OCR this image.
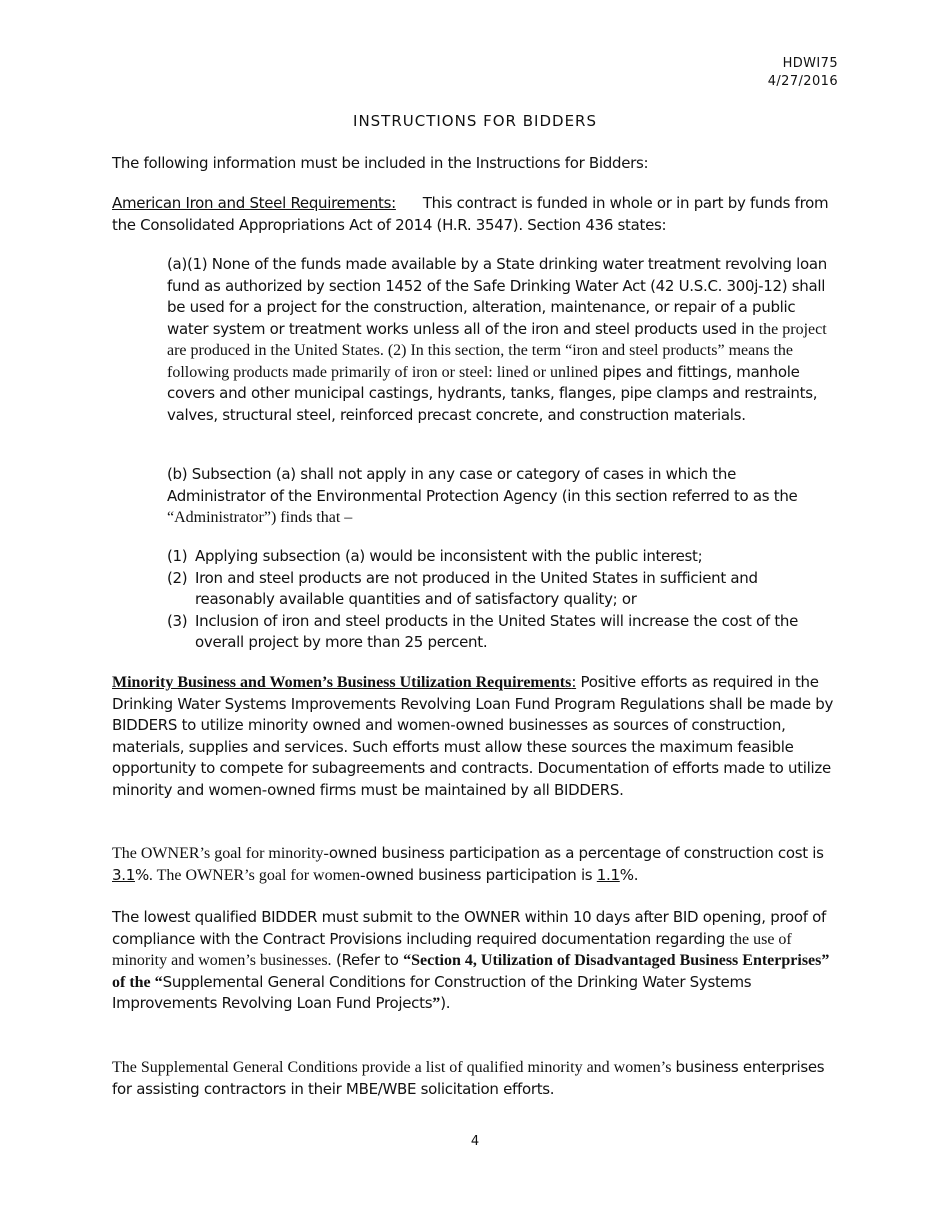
HDWI75
4/27/2016
INSTRUCTIONS FOR BIDDERS
The following information must be included in the Instructions for Bidders:
American Iron and Steel Requirements: This contract is funded in whole or in part by funds from the Consolidated Appropriations Act of 2014 (H.R. 3547). Section 436 states:
(a)(1) None of the funds made available by a State drinking water treatment revolving loan fund as authorized by section 1452 of the Safe Drinking Water Act (42 U.S.C. 300j-12) shall be used for a project for the construction, alteration, maintenance, or repair of a public water system or treatment works unless all of the iron and steel products used in the project are produced in the United States. (2) In this section, the term “iron and steel products” means the following products made primarily of iron or steel: lined or unlined pipes and fittings, manhole covers and other municipal castings, hydrants, tanks, flanges, pipe clamps and restraints, valves, structural steel, reinforced precast concrete, and construction materials.
(b) Subsection (a) shall not apply in any case or category of cases in which the Administrator of the Environmental Protection Agency (in this section referred to as the “Administrator”) finds that –
(1) Applying subsection (a) would be inconsistent with the public interest;
(2) Iron and steel products are not produced in the United States in sufficient and reasonably available quantities and of satisfactory quality; or
(3) Inclusion of iron and steel products in the United States will increase the cost of the overall project by more than 25 percent.
Minority Business and Women’s Business Utilization Requirements: Positive efforts as required in the Drinking Water Systems Improvements Revolving Loan Fund Program Regulations shall be made by BIDDERS to utilize minority owned and women-owned businesses as sources of construction, materials, supplies and services. Such efforts must allow these sources the maximum feasible opportunity to compete for subagreements and contracts. Documentation of efforts made to utilize minority and women-owned firms must be maintained by all BIDDERS.
The OWNER’s goal for minority-owned business participation as a percentage of construction cost is 3.1%. The OWNER’s goal for women-owned business participation is 1.1%.
The lowest qualified BIDDER must submit to the OWNER within 10 days after BID opening, proof of compliance with the Contract Provisions including required documentation regarding the use of minority and women’s businesses. (Refer to “Section 4, Utilization of Disadvantaged Business Enterprises” of the “Supplemental General Conditions for Construction of the Drinking Water Systems Improvements Revolving Loan Fund Projects”).
The Supplemental General Conditions provide a list of qualified minority and women’s business enterprises for assisting contractors in their MBE/WBE solicitation efforts.
4
